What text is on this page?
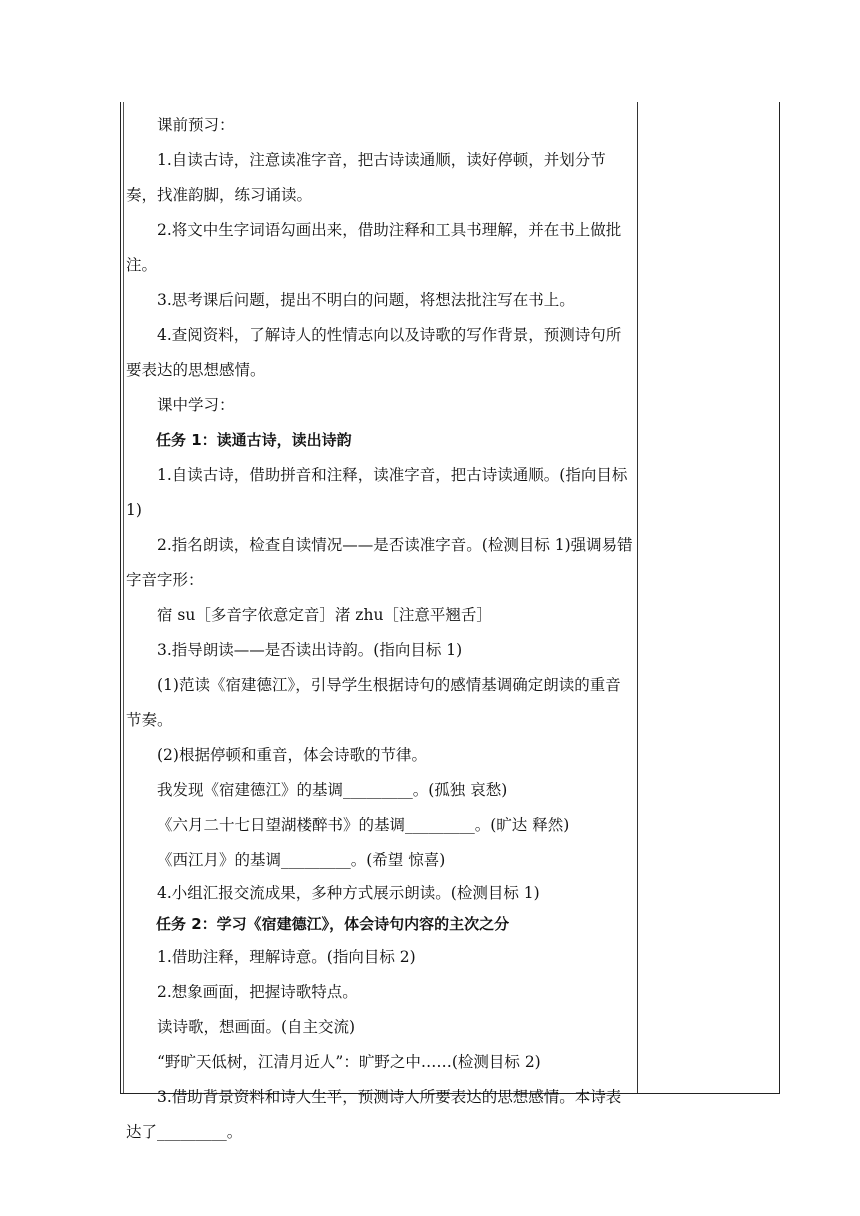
课前预习：

1.自读古诗，注意读准字音，把古诗读通顺，读好停顿，并划分节奏，找准韵脚，练习诵读。

2.将文中生字词语勾画出来，借助注释和工具书理解，并在书上做批注。

3.思考课后问题，提出不明白的问题，将想法批注写在书上。

4.查阅资料，了解诗人的性情志向以及诗歌的写作背景，预测诗句所要表达的思想感情。

课中学习：

任务 1：读通古诗，读出诗韵

1.自读古诗，借助拼音和注释，读准字音，把古诗读通顺。(指向目标 1)

2.指名朗读，检查自读情况——是否读准字音。(检测目标 1)强调易错字音字形：

宿 su［多音字依意定音］渚 zhu［注意平翘舌］

3.指导朗读——是否读出诗韵。(指向目标 1)

(1)范读《宿建德江》，引导学生根据诗句的感情基调确定朗读的重音节奏。

(2)根据停顿和重音，体会诗歌的节律。

我发现《宿建德江》的基调_________。(孤独 哀愁)

《六月二十七日望湖楼醉书》的基调_________。(旷达 释然)

《西江月》的基调_________。(希望 惊喜)

4.小组汇报交流成果，多种方式展示朗读。(检测目标 1)

任务 2：学习《宿建德江》，体会诗句内容的主次之分

1.借助注释，理解诗意。(指向目标 2)

2.想象画面，把握诗歌特点。

读诗歌，想画面。(自主交流)

“野旷天低树，江清月近人”：旷野之中……(检测目标 2)

3.借助背景资料和诗人生平，预测诗人所要表达的思想感情。本诗表达了_________。
